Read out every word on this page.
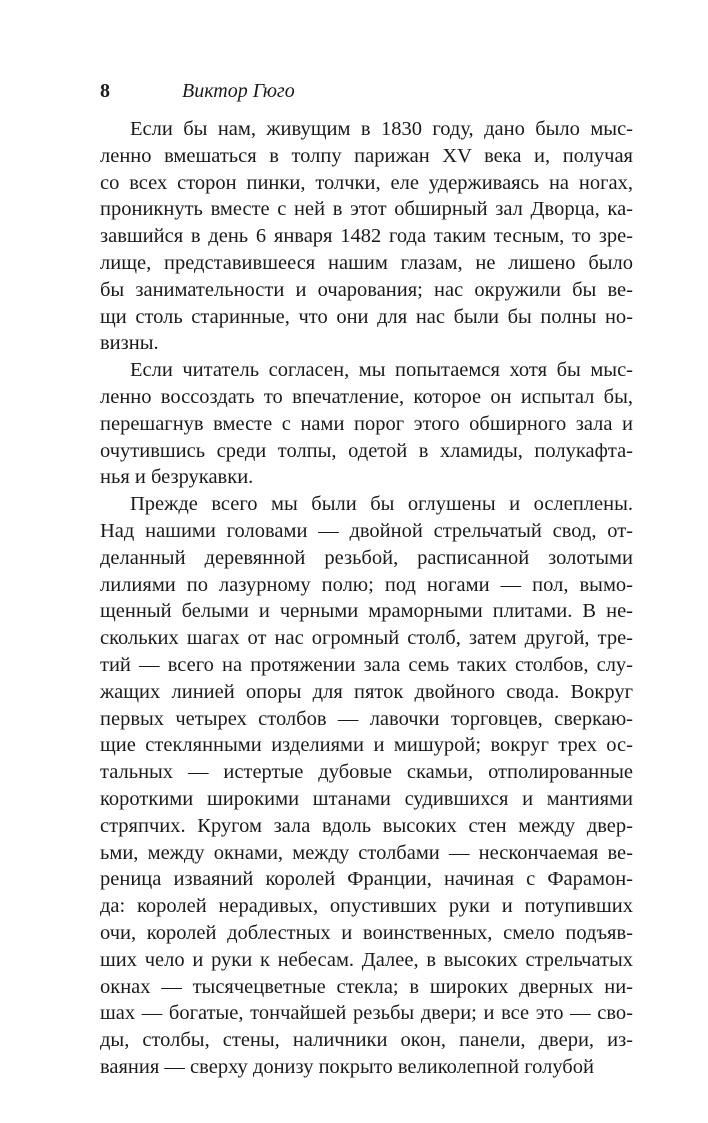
8	Виктор Гюго
Если бы нам, живущим в 1830 году, дано было мыс-
ленно вмешаться в толпу парижан XV века и, получая
со всех сторон пинки, толчки, еле удерживаясь на ногах,
проникнуть вместе с ней в этот обширный зал Дворца, ка-
завшийся в день 6 января 1482 года таким тесным, то зре-
лище, представившееся нашим глазам, не лишено было
бы занимательности и очарования; нас окружили бы ве-
щи столь старинные, что они для нас были бы полны но-
визны.
Если читатель согласен, мы попытаемся хотя бы мыс-
ленно воссоздать то впечатление, которое он испытал бы,
перешагнув вместе с нами порог этого обширного зала и
очутившись среди толпы, одетой в хламиды, полукафта-
нья и безрукавки.
Прежде всего мы были бы оглушены и ослеплены.
Над нашими головами — двойной стрельчатый свод, от-
деланный деревянной резьбой, расписанной золотыми
лилиями по лазурному полю; под ногами — пол, вымо-
щенный белыми и черными мраморными плитами. В не-
скольких шагах от нас огромный столб, затем другой, тре-
тий — всего на протяжении зала семь таких столбов, слу-
жащих линией опоры для пяток двойного свода. Вокруг
первых четырех столбов — лавочки торговцев, сверкаю-
щие стеклянными изделиями и мишурой; вокруг трех ос-
тальных — истертые дубовые скамьи, отполированные
короткими широкими штанами судившихся и мантиями
стряпчих. Кругом зала вдоль высоких стен между двер-
ьми, между окнами, между столбами — нескончаемая ве-
реница изваяний королей Франции, начиная с Фарамон-
да: королей нерадивых, опустивших руки и потупивших
очи, королей доблестных и воинственных, смело подъяв-
ших чело и руки к небесам. Далее, в высоких стрельчатых
окнах — тысячецветные стекла; в широких дверных ни-
шах — богатые, тончайшей резьбы двери; и все это — сво-
ды, столбы, стены, наличники окон, панели, двери, из-
ваяния — сверху донизу покрыто великолепной голубой
